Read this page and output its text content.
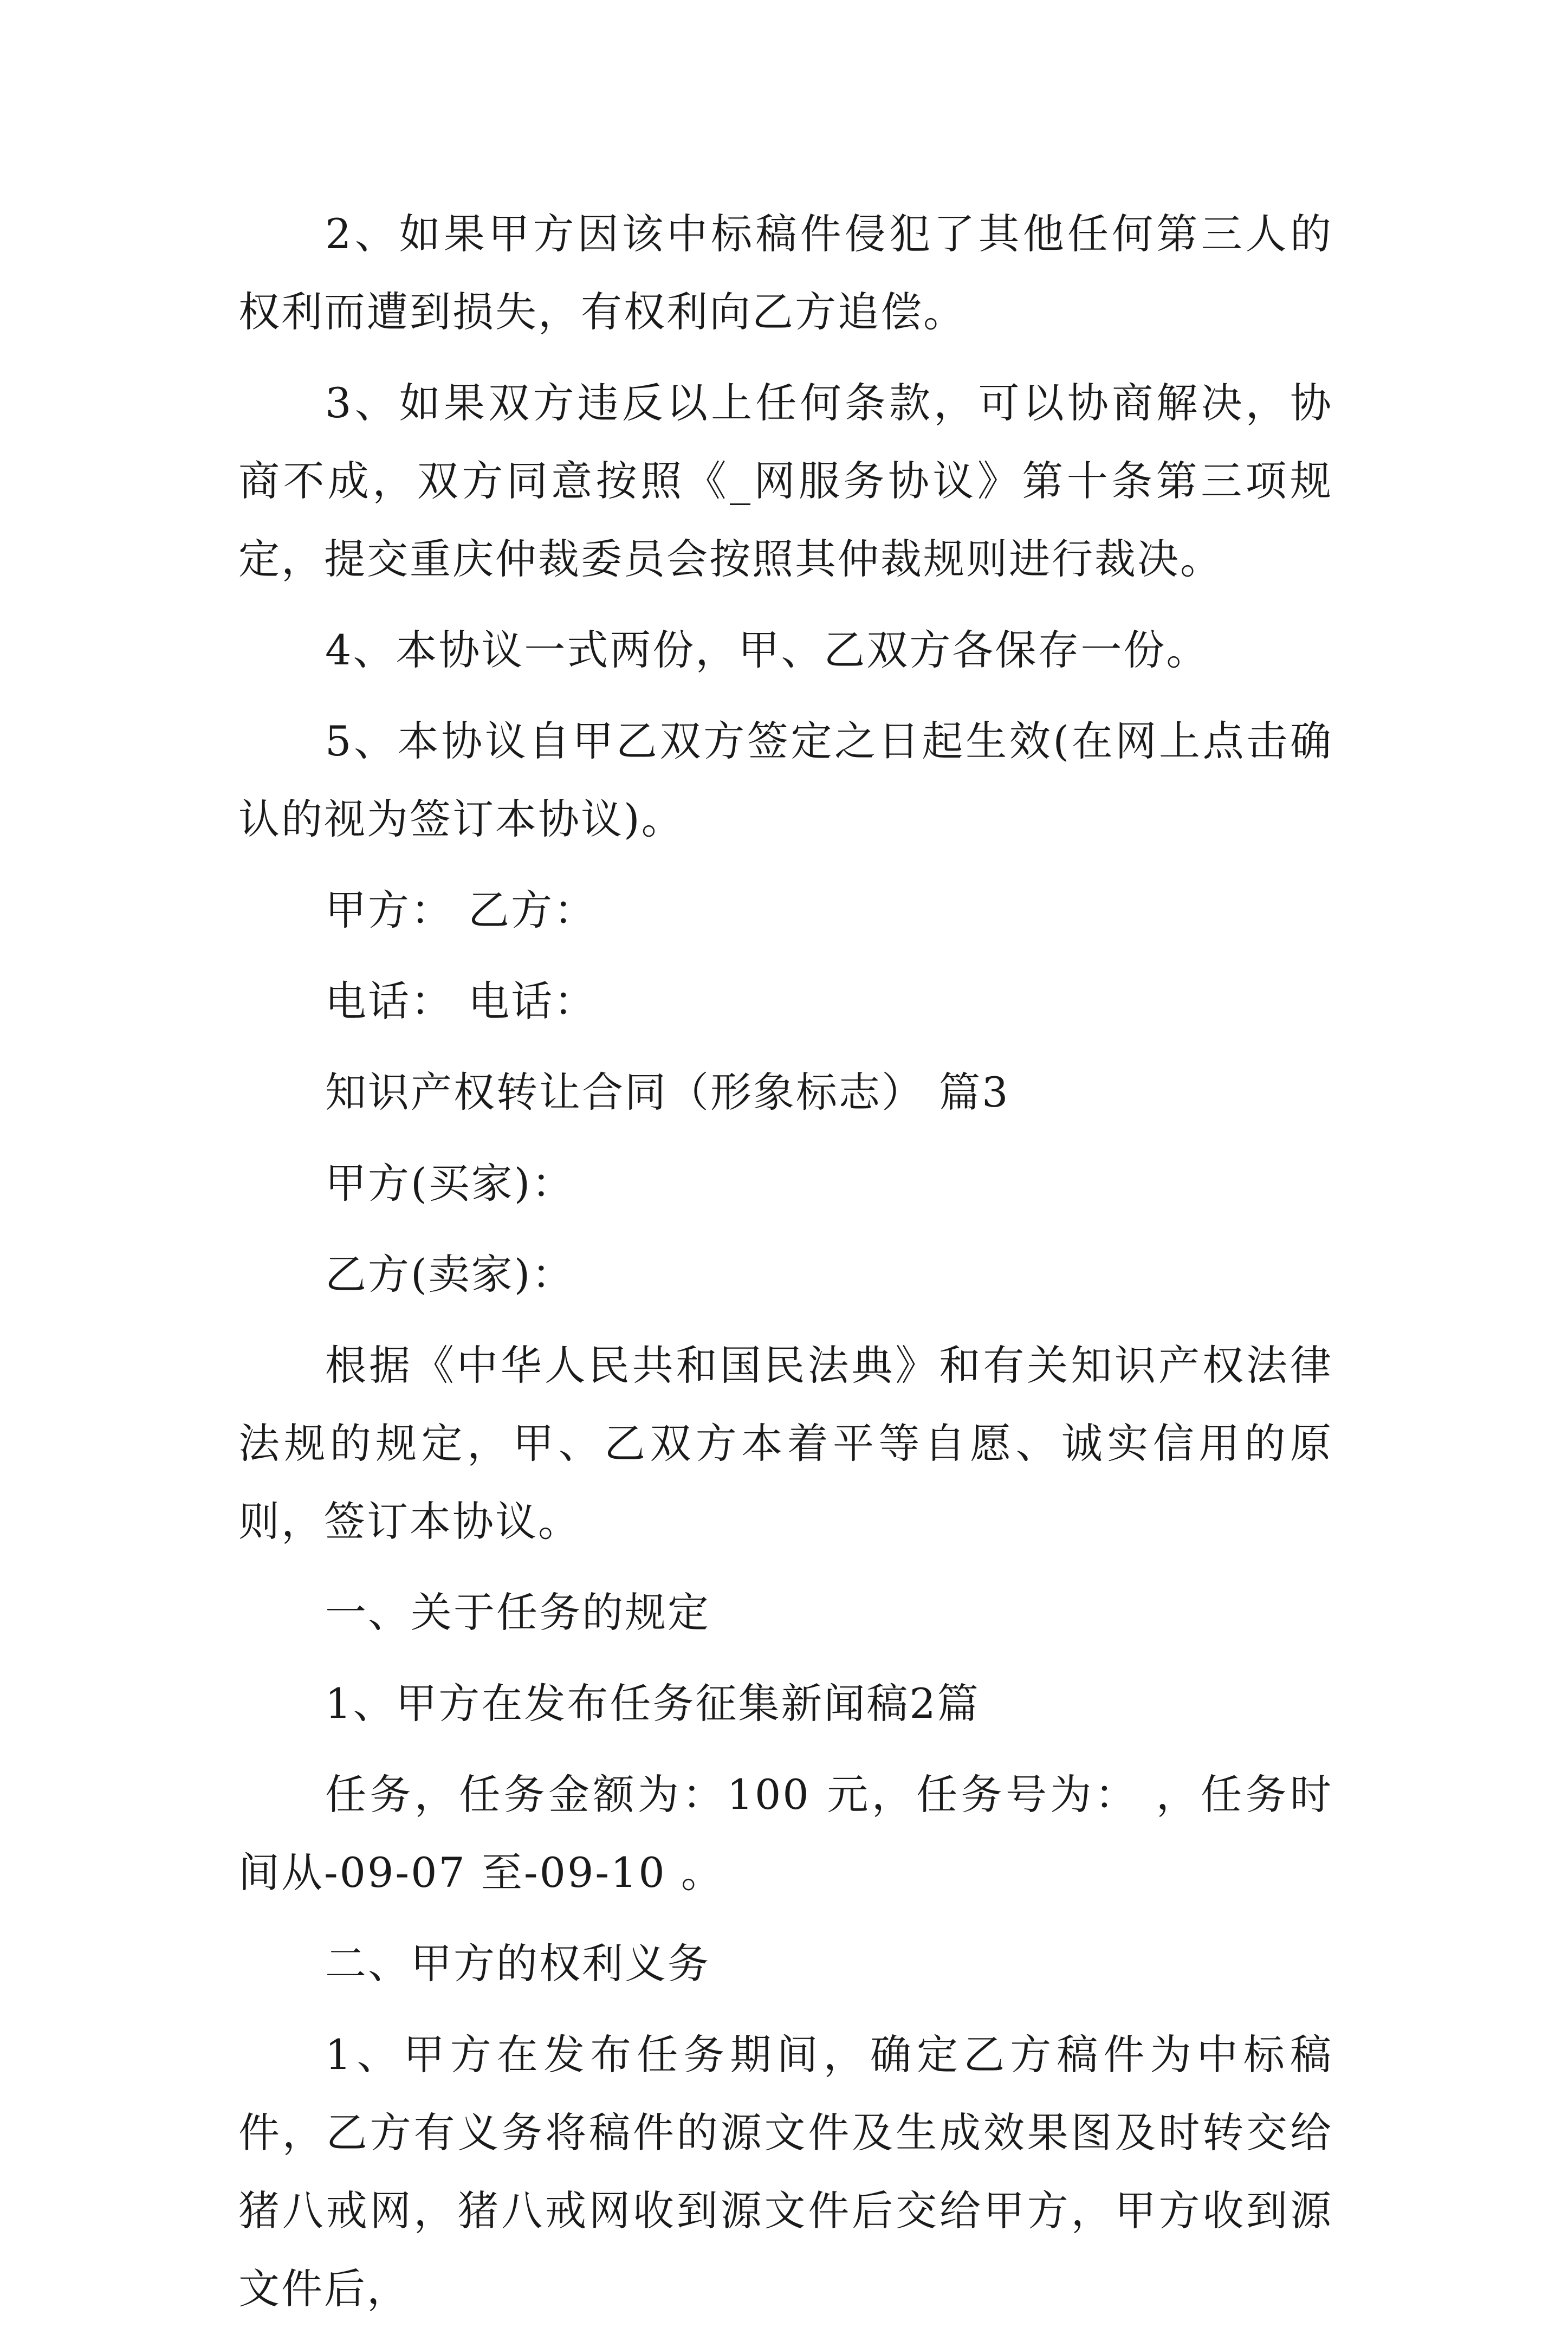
2、如果甲方因该中标稿件侵犯了其他任何第三人的权利而遭到损失，有权利向乙方追偿。

3、如果双方违反以上任何条款，可以协商解决，协商不成，双方同意按照《_网服务协议》第十条第三项规定，提交重庆仲裁委员会按照其仲裁规则进行裁决。

4、本协议一式两份，甲、乙双方各保存一份。

5、本协议自甲乙双方签定之日起生效(在网上点击确认的视为签订本协议)。

甲方： 乙方：

电话： 电话：

知识产权转让合同（形象标志） 篇3

甲方(买家)：

乙方(卖家)：

根据《中华人民共和国民法典》和有关知识产权法律法规的规定，甲、乙双方本着平等自愿、诚实信用的原则，签订本协议。

一、关于任务的规定

1、甲方在发布任务征集新闻稿2篇

任务，任务金额为：100 元，任务号为： ，任务时间从-09-07 至-09-10 。

二、甲方的权利义务

1、甲方在发布任务期间，确定乙方稿件为中标稿件，乙方有义务将稿件的源文件及生成效果图及时转交给猪八戒网，猪八戒网收到源文件后交给甲方，甲方收到源文件后，
